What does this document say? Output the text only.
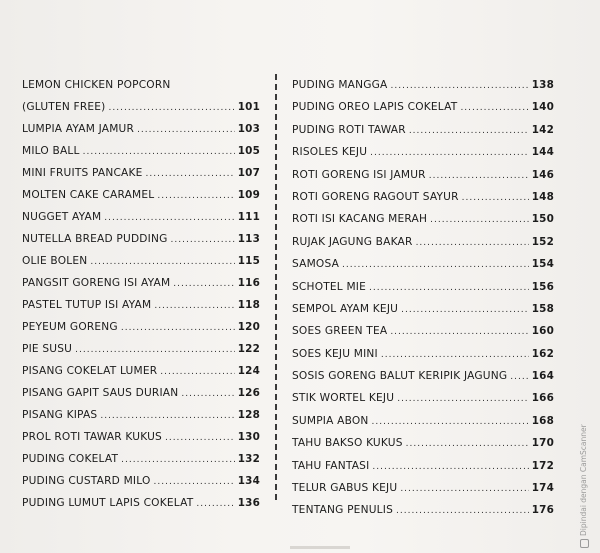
LEMON CHICKEN POPCORN
(GLUTEN FREE) .....	101
LUMPIA AYAM JAMUR .....	103
MILO BALL .....	105
MINI FRUITS PANCAKE .....	107
MOLTEN CAKE CARAMEL .....	109
NUGGET AYAM .....	111
NUTELLA BREAD PUDDING .....	113
OLIE BOLEN .....	115
PANGSIT GORENG ISI AYAM .....	116
PASTEL TUTUP ISI AYAM .....	118
PEYEUM GORENG .....	120
PIE SUSU .....	122
PISANG COKELAT LUMER .....	124
PISANG GAPIT SAUS DURIAN .....	126
PISANG KIPAS .....	128
PROL ROTI TAWAR KUKUS .....	130
PUDING COKELAT .....	132
PUDING CUSTARD MILO .....	134
PUDING LUMUT LAPIS COKELAT .....	136
PUDING MANGGA .....	138
PUDING OREO LAPIS COKELAT .....	140
PUDING ROTI TAWAR .....	142
RISOLES KEJU .....	144
ROTI GORENG ISI JAMUR .....	146
ROTI GORENG RAGOUT SAYUR .....	148
ROTI ISI KACANG MERAH .....	150
RUJAK JAGUNG BAKAR .....	152
SAMOSA .....	154
SCHOTEL MIE .....	156
SEMPOL AYAM KEJU .....	158
SOES GREEN TEA .....	160
SOES KEJU MINI .....	162
SOSIS GORENG BALUT KERIPIK JAGUNG ..... 164
STIK WORTEL KEJU .....	166
SUMPIA ABON .....	168
TAHU BAKSO KUKUS .....	170
TAHU FANTASI .....	172
TELUR GABUS KEJU .....	174
TENTANG PENULIS .....	176	Dipindai dengan CamScanner
